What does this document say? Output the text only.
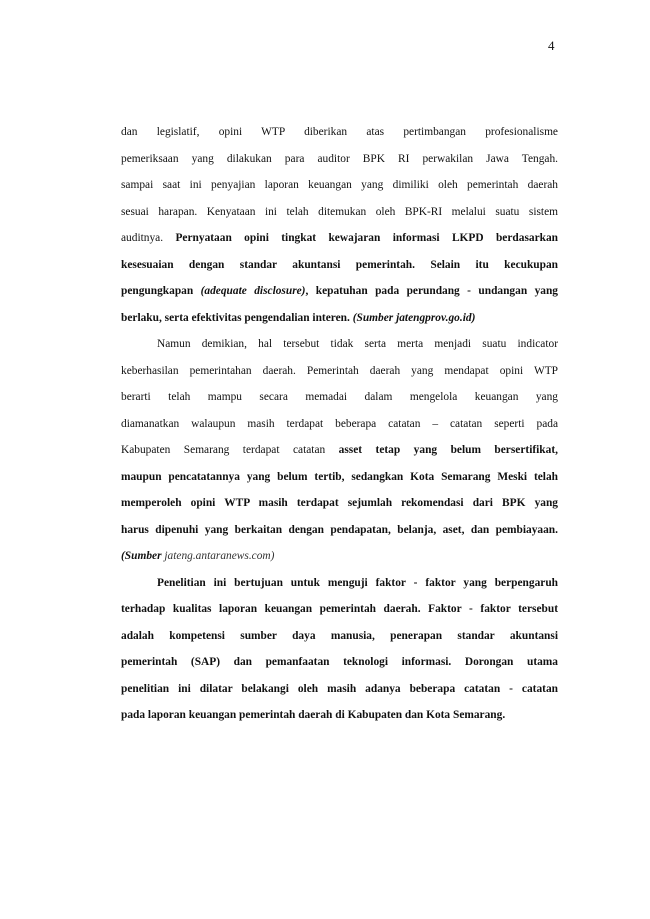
4

dan legislatif, opini WTP diberikan atas pertimbangan profesionalisme
pemeriksaan yang dilakukan para auditor BPK RI perwakilan Jawa Tengah.
sampai saat ini penyajian laporan keuangan yang dimiliki oleh pemerintah daerah
sesuai harapan. Kenyataan ini telah ditemukan oleh BPK-RI melalui suatu sistem
auditnya. Pernyataan opini tingkat kewajaran informasi LKPD berdasarkan
kesesuaian dengan standar akuntansi pemerintah. Selain itu kecukupan
pengungkapan (adequate disclosure), kepatuhan pada perundang - undangan yang
berlaku, serta efektivitas pengendalian interen. (Sumber jatengprov.go.id)
Namun demikian, hal tersebut tidak serta merta menjadi suatu indicator
keberhasilan pemerintahan daerah. Pemerintah daerah yang mendapat opini WTP
berarti telah mampu secara memadai dalam mengelola keuangan yang
diamanatkan walaupun masih terdapat beberapa catatan – catatan seperti pada
Kabupaten Semarang terdapat catatan asset tetap yang belum bersertifikat,
maupun pencatatannya yang belum tertib, sedangkan Kota Semarang Meski telah
memperoleh opini WTP masih terdapat sejumlah rekomendasi dari BPK yang
harus dipenuhi yang berkaitan dengan pendapatan, belanja, aset, dan pembiayaan.
(Sumber jateng.antaranews.com)
Penelitian ini bertujuan untuk menguji faktor - faktor yang berpengaruh
terhadap kualitas laporan keuangan pemerintah daerah. Faktor - faktor tersebut
adalah kompetensi sumber daya manusia, penerapan standar akuntansi
pemerintah (SAP) dan pemanfaatan teknologi informasi. Dorongan utama
penelitian ini dilatar belakangi oleh masih adanya beberapa catatan - catatan
pada laporan keuangan pemerintah daerah di Kabupaten dan Kota Semarang.
